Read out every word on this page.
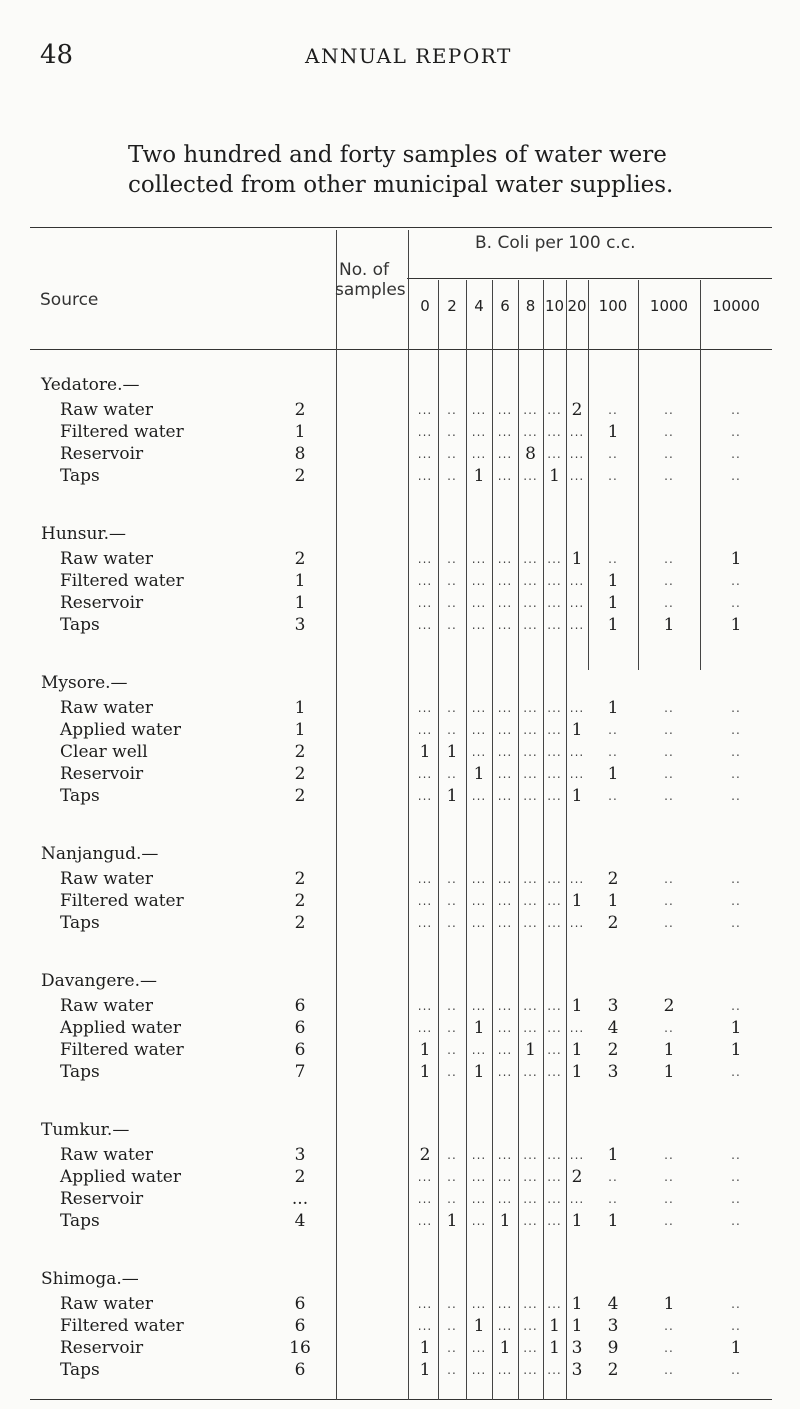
48	ANNUAL REPORT
Two hundred and forty samples of water were collected from other municipal water supplies.
Source
No. of
samples
B. Coli per 100 c.c.
0	2	4	6	8 10 20 100	1000	10000
Yedatore.—
Raw water	2	...	..	... ... ... ... 2	..	..	..
Filtered water	1	...	..	... ... ... ... ...	1	..	..
Reservoir	8	...	..	... ... 8 ... ...	..	..	..
Taps	2	...	.. 1	... ... 1 ...	..	..	..
Hunsur.—
Raw water	2	...	..	... ... ... ... 1	..	..	1
Filtered water	1	...	..	... ... ... ... ...	1	..	..
Reservoir	1	...	..	... ... ... ... ...	1	..	..
Taps	3	...	..	... ... ... ... ...	1	1	1
Mysore.—
Raw water	1	...	..	... ... ... ... ...	1	..	..
Applied water	1	...	..	... ... ... ... 1	..	..	..
Clear well	2	1 1	... ... ... ... ...	..	..	..
Reservoir	2	...	.. 1	... ... ... ...	1	..	..
Taps	2	... 1	... ... ... ... 1	..	..	..
Nanjangud.—
Raw water	2	...	..	... ... ... ... ...	2	..	..
Filtered water	2	...	..	... ... ... ... 1	1	..	..
Taps	2	...	..	... ... ... ... ...	2	..	..
Davangere.—
Raw water	6	...	..	... ... ... ... 1	3	2	..
Applied water	6	...	.. 1	... ... ... ...	4	..	1
Filtered water	6	1	..	... ... 1 ... 1	2	1	1
Taps	7	1	.. 1	... ... ... 1	3	1	..
Tumkur.—
Raw water	3	2	..	... ... ... ... ...	1	..	..
Applied water	2	...	..	... ... ... ... 2	..	..	..
Reservoir	...	...	..	... ... ... ... ...	..	..	..
Taps	4	... 1	... 1	... ... 1	1	..	..
Shimoga.—
Raw water	6	...	..	... ... ... ... 1	4	1	..
Filtered water	6	...	.. 1	... ... 1 1	3	..	..
Reservoir	16	1	..	... 1	... 1 3	9	..	1
Taps	6	1	..	... ... ... ... 3	2	..	..
